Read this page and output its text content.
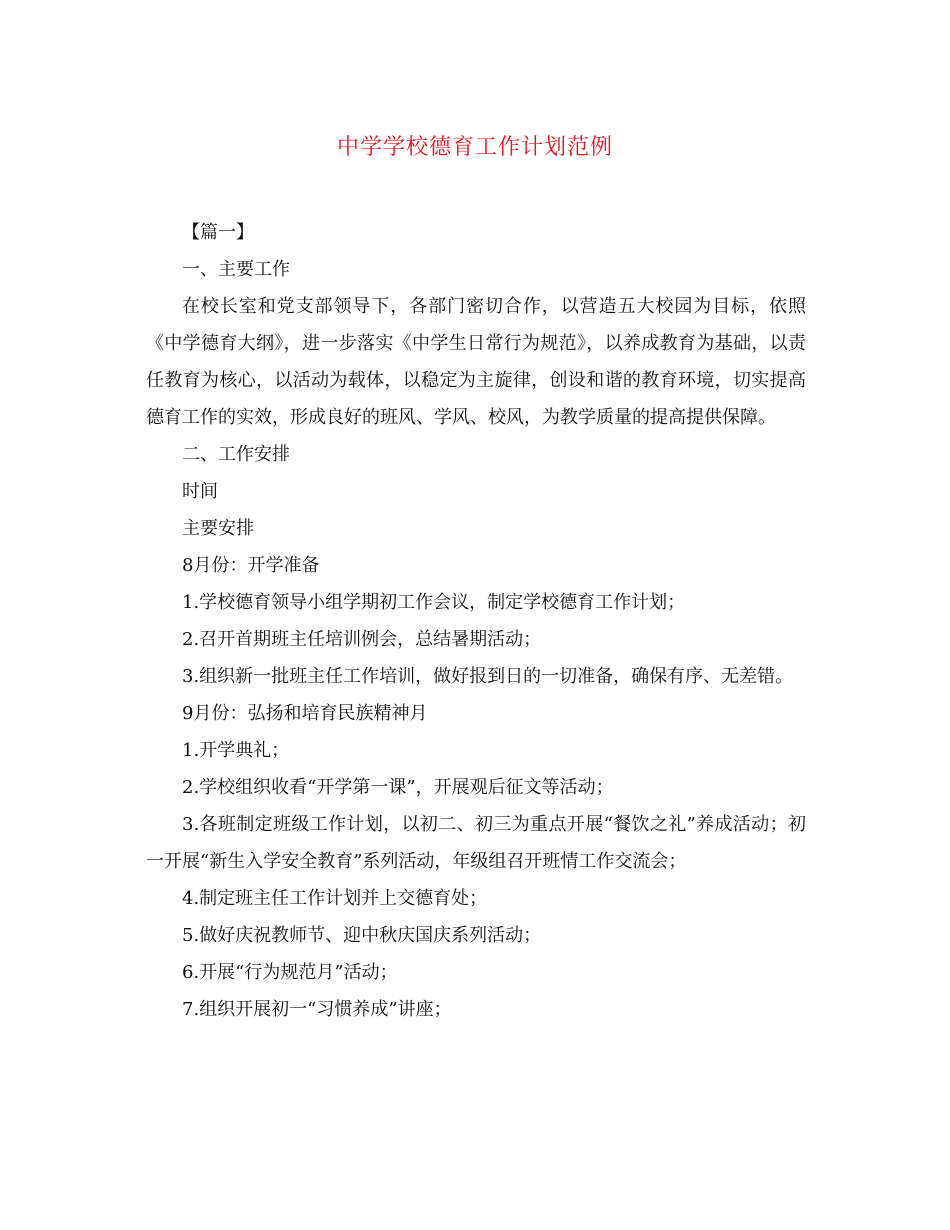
中学学校德育工作计划范例
【篇一】
一、主要工作
在校长室和党支部领导下，各部门密切合作，以营造五大校园为目标，依照《中学德育大纲》，进一步落实《中学生日常行为规范》，以养成教育为基础，以责任教育为核心，以活动为载体，以稳定为主旋律，创设和谐的教育环境，切实提高德育工作的实效，形成良好的班风、学风、校风，为教学质量的提高提供保障。
二、工作安排
时间
主要安排
8月份：开学准备
1.学校德育领导小组学期初工作会议，制定学校德育工作计划；
2.召开首期班主任培训例会，总结暑期活动；
3.组织新一批班主任工作培训，做好报到日的一切准备，确保有序、无差错。
9月份：弘扬和培育民族精神月
1.开学典礼；
2.学校组织收看“开学第一课”，开展观后征文等活动；
3.各班制定班级工作计划，以初二、初三为重点开展“餐饮之礼”养成活动；初一开展“新生入学安全教育”系列活动，年级组召开班情工作交流会；
4.制定班主任工作计划并上交德育处；
5.做好庆祝教师节、迎中秋庆国庆系列活动；
6.开展“行为规范月”活动；
7.组织开展初一“习惯养成”讲座；
